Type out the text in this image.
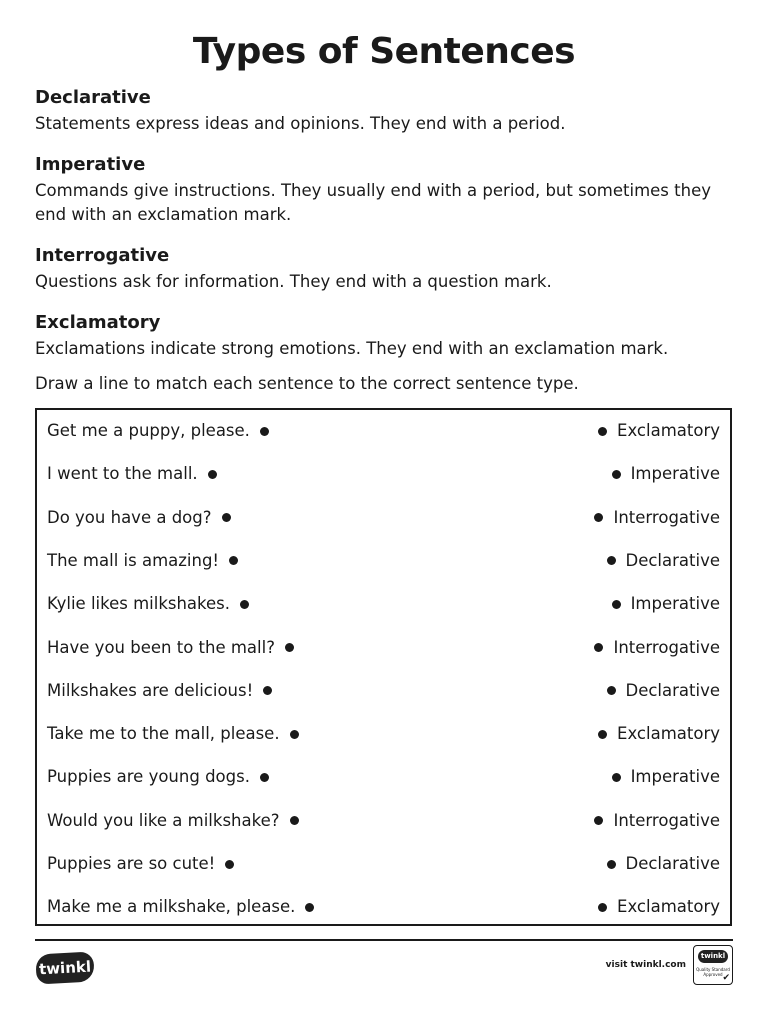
Types of Sentences
Declarative

Statements express ideas and opinions. They end with a period.

Imperative

Commands give instructions. They usually end with a period, but sometimes they end with an exclamation mark.

Interrogative

Questions ask for information. They end with a question mark.

Exclamatory

Exclamations indicate strong emotions. They end with an exclamation mark.

Draw a line to match each sentence to the correct sentence type.

Get me a puppy, please.	Exclamatory
I went to the mall.	Imperative
Do you have a dog?	Interrogative
The mall is amazing!	Declarative
Kylie likes milkshakes.	Imperative
Have you been to the mall?	Interrogative
Milkshakes are delicious!	Declarative
Take me to the mall, please.	Exclamatory
Puppies are young dogs.	Imperative
Would you like a milkshake?	Interrogative
Puppies are so cute!	Declarative
Make me a milkshake, please.	Exclamatory
twinkl	visit twinkl.com
twinkl
Quality Standard Approved ✔
